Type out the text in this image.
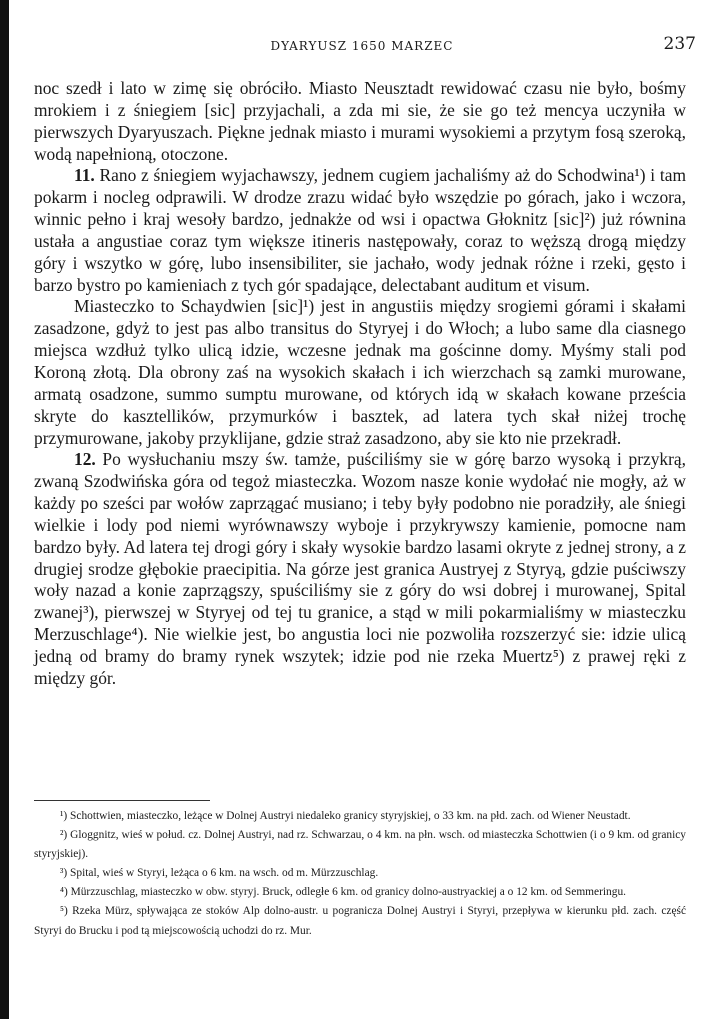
DYARYUSZ 1650 MARZEC	237

noc szedł i lato w zimę się obróciło. Miasto Neusztadt rewidować czasu nie było, bośmy mrokiem i z śniegiem [sic] przyjachali, a zda mi sie, że sie go też mencya uczyniła w pierwszych Dyaryuszach. Piękne jednak miasto i murami wysokiemi a przytym fosą szeroką, wodą napełnioną, otoczone.

11. Rano z śniegiem wyjachawszy, jednem cugiem jachaliśmy aż do Schodwina¹) i tam pokarm i nocleg odprawili. W drodze zrazu widać było wszędzie po górach, jako i wczora, winnic pełno i kraj wesoły bardzo, jednakże od wsi i opactwa Głoknitz [sic]²) już równina ustała a angustiae coraz tym większe itineris następowały, coraz to węższą drogą między góry i wszytko w górę, lubo insensibiliter, sie jachało, wody jednak różne i rzeki, gęsto i barzo bystro po kamieniach z tych gór spadające, delectabant auditum et visum.

Miasteczko to Schaydwien [sic]¹) jest in angustiis między srogiemi górami i skałami zasadzone, gdyż to jest pas albo transitus do Styryej i do Włoch; a lubo same dla ciasnego miejsca wzdłuż tylko ulicą idzie, wczesne jednak ma gościnne domy. Myśmy stali pod Koroną złotą. Dla obrony zaś na wysokich skałach i ich wierzchach są zamki murowane, armatą osadzone, summo sumptu murowane, od których idą w skałach kowane prześcia skryte do kasztellików, przymurków i basztek, ad latera tych skał niżej trochę przymurowane, jakoby przyklijane, gdzie straż zasadzono, aby sie kto nie przekradł.

12. Po wysłuchaniu mszy św. tamże, puściliśmy sie w górę barzo wysoką i przykrą, zwaną Szodwińska góra od tegoż miasteczka. Wozom nasze konie wydołać nie mogły, aż w każdy po sześci par wołów zaprzągać musiano; i teby były podobno nie poradziły, ale śniegi wielkie i lody pod niemi wyrównawszy wyboje i przykrywszy kamienie, pomocne nam bardzo były. Ad latera tej drogi góry i skały wysokie bardzo lasami okryte z jednej strony, a z drugiej srodze głębokie praecipitia. Na górze jest granica Austryej z Styryą, gdzie puściwszy woły nazad a konie zaprzągszy, spuściliśmy sie z góry do wsi dobrej i murowanej, Spital zwanej³), pierwszej w Styryej od tej tu granice, a stąd w mili pokarmialiśmy w miasteczku Merzuschlage⁴). Nie wielkie jest, bo angustia loci nie pozwoliła rozszerzyć sie: idzie ulicą jedną od bramy do bramy rynek wszytek; idzie pod nie rzeka Muertz⁵) z prawej ręki z między gór.

¹) Schottwien, miasteczko, leżące w Dolnej Austryi niedaleko granicy styryjskiej, o 33 km. na płd. zach. od Wiener Neustadt.

²) Gloggnitz, wieś w połud. cz. Dolnej Austryi, nad rz. Schwarzau, o 4 km. na płn. wsch. od miasteczka Schottwien (i o 9 km. od granicy styryjskiej).

³) Spital, wieś w Styryi, leżąca o 6 km. na wsch. od m. Mürzzuschlag.

⁴) Mürzzuschlag, miasteczko w obw. styryj. Bruck, odległe 6 km. od granicy dolno-austryackiej a o 12 km. od Semmeringu.

⁵) Rzeka Mürz, spływająca ze stoków Alp dolno-austr. u pogranicza Dolnej Austryi i Styryi, przepływa w kierunku płd. zach. część Styryi do Brucku i pod tą miejscowością uchodzi do rz. Mur.
